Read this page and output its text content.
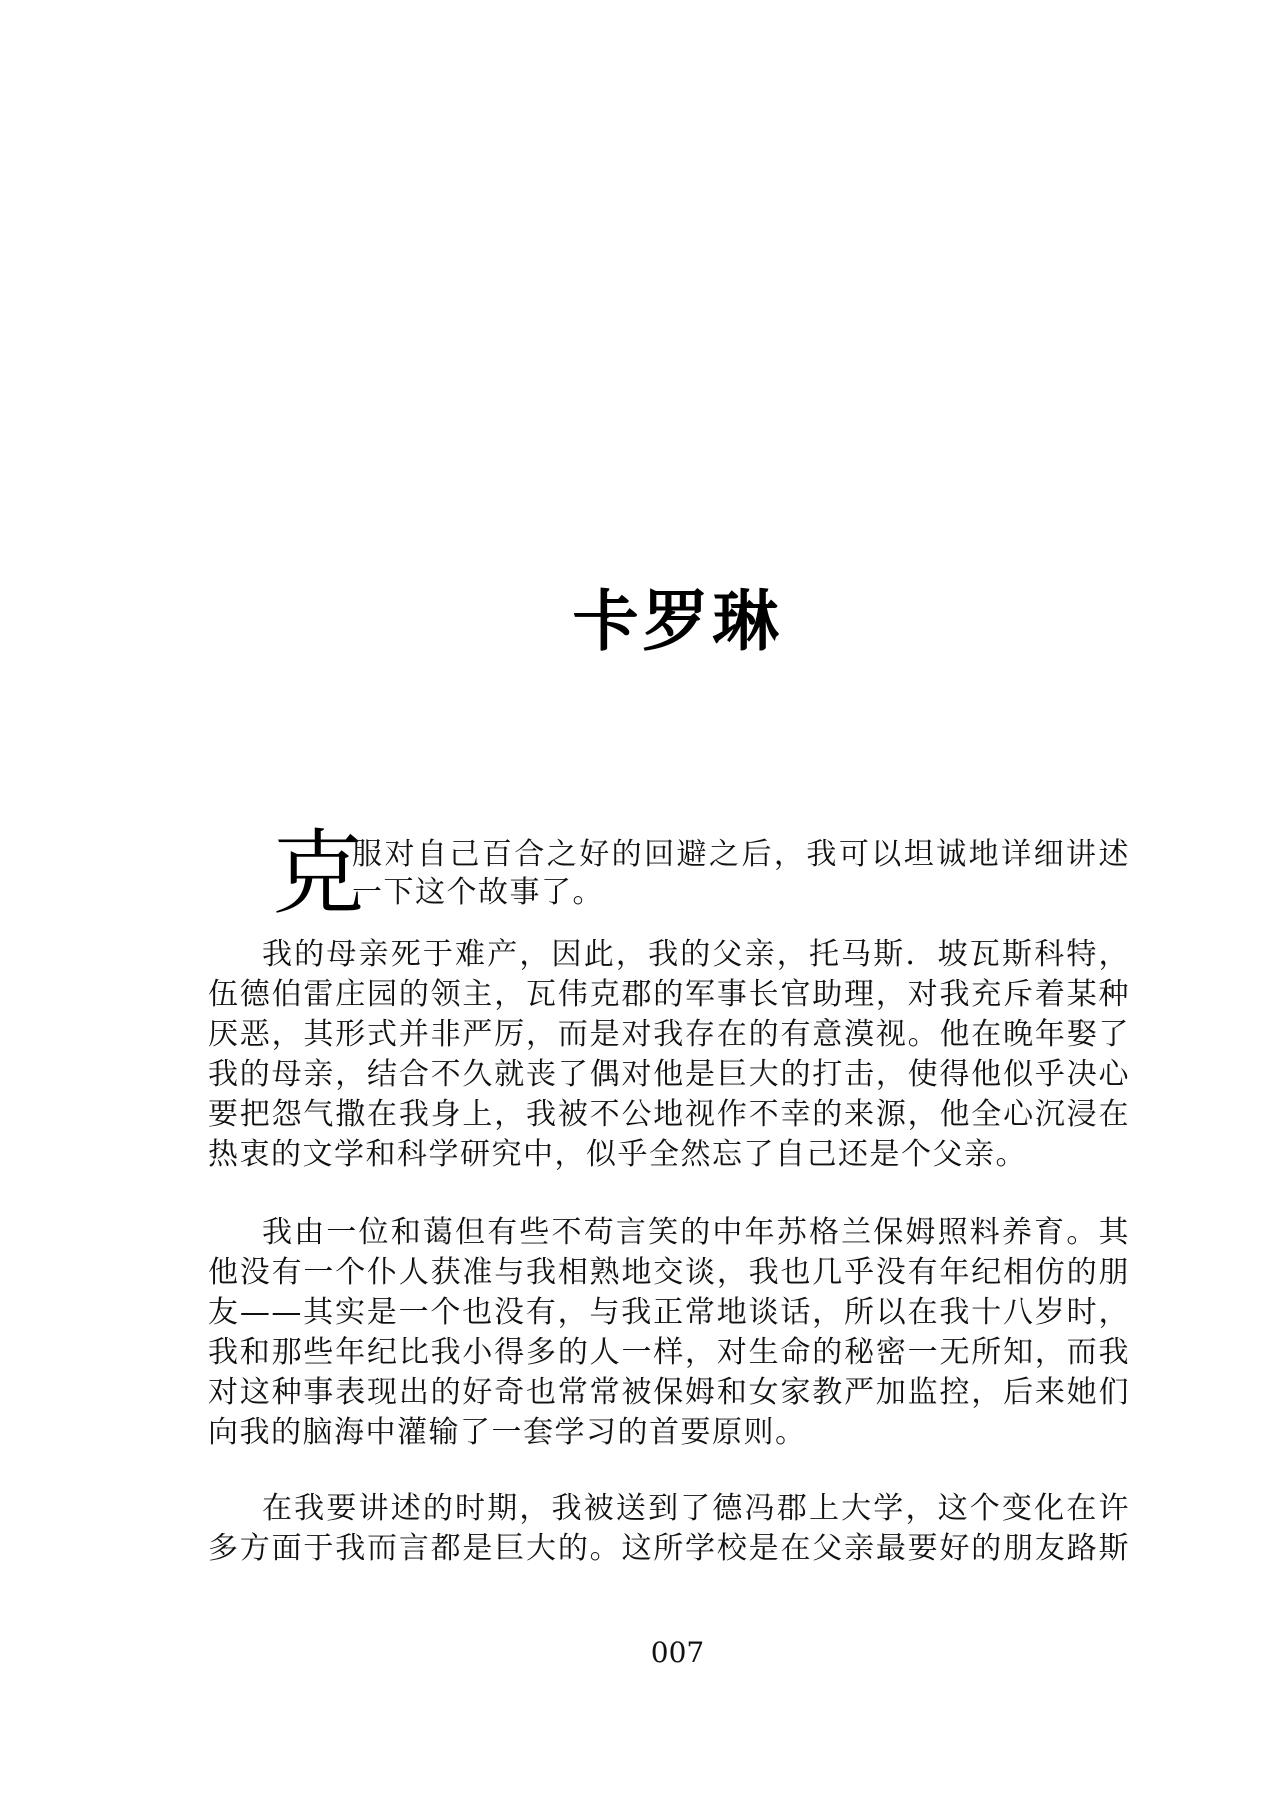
卡罗琳
克
服对自己百合之好的回避之后，我可以坦诚地详细讲述
一下这个故事了。
我的母亲死于难产，因此，我的父亲，托马斯．坡瓦斯科特，
伍德伯雷庄园的领主，瓦伟克郡的军事长官助理，对我充斥着某种
厌恶，其形式并非严厉，而是对我存在的有意漠视。他在晚年娶了
我的母亲，结合不久就丧了偶对他是巨大的打击，使得他似乎决心
要把怨气撒在我身上，我被不公地视作不幸的来源，他全心沉浸在
热衷的文学和科学研究中，似乎全然忘了自己还是个父亲。
我由一位和蔼但有些不苟言笑的中年苏格兰保姆照料养育。其
他没有一个仆人获准与我相熟地交谈，我也几乎没有年纪相仿的朋
友——其实是一个也没有，与我正常地谈话，所以在我十八岁时，
我和那些年纪比我小得多的人一样，对生命的秘密一无所知，而我
对这种事表现出的好奇也常常被保姆和女家教严加监控，后来她们
向我的脑海中灌输了一套学习的首要原则。
在我要讲述的时期，我被送到了德冯郡上大学，这个变化在许
多方面于我而言都是巨大的。这所学校是在父亲最要好的朋友路斯
007
